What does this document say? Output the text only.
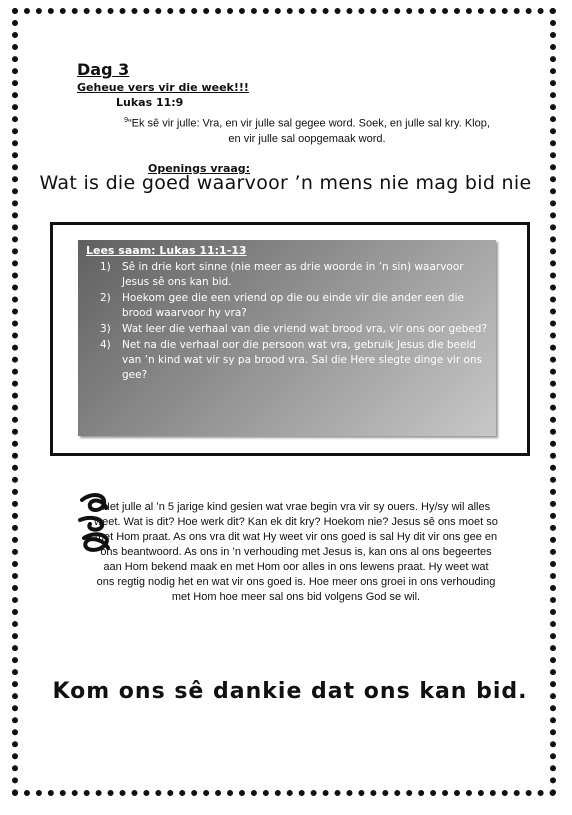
Dag 3

Geheue vers vir die week!!!

Lukas 11:9

$^9$“Ek sê vir julle: Vra, en vir julle sal gegee word. Soek, en julle sal kry. Klop, en vir julle sal oopgemaak word.

Openings vraag:

Wat is die goed waarvoor ’n mens nie mag bid nie

Lees saam: Lukas 11:1-13
1) Sê in drie kort sinne (nie meer as drie woorde in ’n sin) waarvoor Jesus sê ons kan bid.
2) Hoekom gee die een vriend op die ou einde vir die ander een die brood waarvoor hy vra?
3) Wat leer die verhaal van die vriend wat brood vra, vir ons oor gebed?
4) Net na die verhaal oor die persoon wat vra, gebruik Jesus die beeld van ’n kind wat vir sy pa brood vra. Sal die Here slegte dinge vir ons gee?

Het julle al ’n 5 jarige kind gesien wat vrae begin vra vir sy ouers. Hy/sy wil alles weet. Wat is dit? Hoe werk dit? Kan ek dit kry? Hoekom nie? Jesus sê ons moet so met Hom praat. As ons vra dit wat Hy weet vir ons goed is sal Hy dit vir ons gee en ons beantwoord. As ons in ’n verhouding met Jesus is, kan ons al ons begeertes aan Hom bekend maak en met Hom oor alles in ons lewens praat. Hy weet wat ons regtig nodig het en wat vir ons goed is. Hoe meer ons groei in ons verhouding met Hom hoe meer sal ons bid volgens God se wil.

Kom ons sê dankie dat ons kan bid.
